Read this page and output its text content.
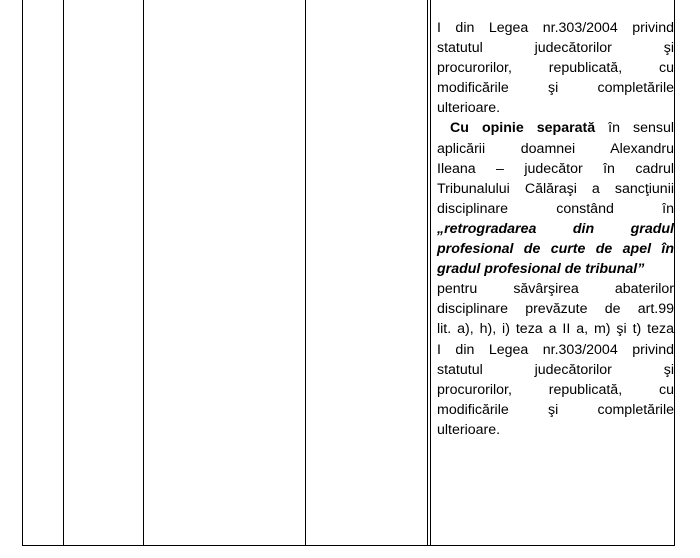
I din Legea nr.303/2004 privind
statutul judecătorilor şi
procurorilor, republicată, cu
modificările şi completările
ulterioare.
Cu opinie separată în sensul
aplicării doamnei Alexandru
Ileana – judecător în cadrul
Tribunalului Călăraşi a sancţiunii
disciplinare constând în
„retrogradarea din gradul
profesional de curte de apel în
gradul profesional de tribunal”
pentru săvârşirea abaterilor
disciplinare prevăzute de art.99
lit. a), h), i) teza a II a, m) şi t) teza
I din Legea nr.303/2004 privind
statutul judecătorilor şi
procurorilor, republicată, cu
modificările şi completările
ulterioare.
